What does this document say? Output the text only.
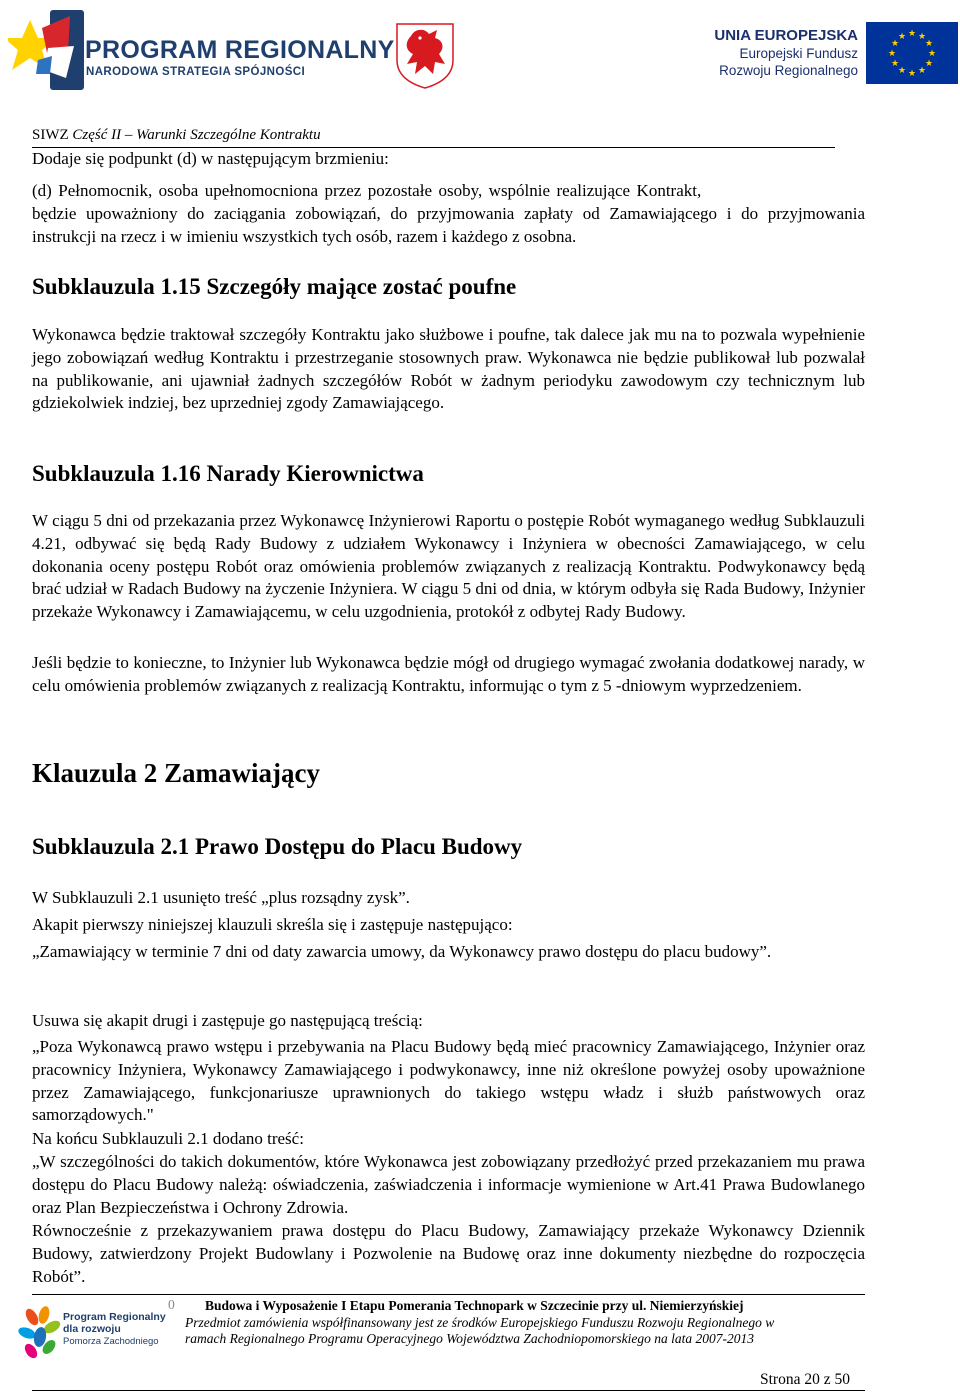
PROGRAM REGIONALNY
NARODOWA STRATEGIA SPÓJNOŚCI
UNIA EUROPEJSKA
Europejski Fundusz
Rozwoju Regionalnego
★ ★
★
★
★
★
★
★
★
★
★
★
SIWZ Część II – Warunki Szczególne Kontraktu

Dodaje się podpunkt (d) w następującym brzmieniu:

(d) Pełnomocnik, osoba upełnomocniona przez pozostałe osoby, wspólnie realizujące Kontrakt,

będzie upoważniony do zaciągania zobowiązań, do przyjmowania zapłaty od Zamawiającego i do przyjmowania instrukcji na rzecz i w imieniu wszystkich tych osób, razem i każdego z osobna.

Subklauzula 1.15 Szczegóły mające zostać poufne

Wykonawca będzie traktował szczegóły Kontraktu jako służbowe i poufne, tak dalece jak mu na to pozwala wypełnienie jego zobowiązań według Kontraktu i przestrzeganie stosownych praw. Wykonawca nie będzie publikował lub pozwalał na publikowanie, ani ujawniał żadnych szczegółów Robót w żadnym periodyku zawodowym czy technicznym lub gdziekolwiek indziej, bez uprzedniej zgody Zamawiającego.

Subklauzula 1.16 Narady Kierownictwa

W ciągu 5 dni od przekazania przez Wykonawcę Inżynierowi Raportu o postępie Robót wymaganego według Subklauzuli 4.21, odbywać się będą Rady Budowy z udziałem Wykonawcy i Inżyniera w obecności Zamawiającego, w celu dokonania oceny postępu Robót oraz omówienia problemów związanych z realizacją Kontraktu. Podwykonawcy będą brać udział w Radach Budowy na życzenie Inżyniera. W ciągu 5 dni od dnia, w którym odbyła się Rada Budowy, Inżynier przekaże Wykonawcy i Zamawiającemu, w celu uzgodnienia, protokół z odbytej Rady Budowy.

Jeśli będzie to konieczne, to Inżynier lub Wykonawca będzie mógł od drugiego wymagać zwołania dodatkowej narady, w celu omówienia problemów związanych z realizacją Kontraktu, informując o tym z 5 -dniowym wyprzedzeniem.

Klauzula 2 Zamawiający
Subklauzula 2.1 Prawo Dostępu do Placu Budowy

W Subklauzuli 2.1 usunięto treść „plus rozsądny zysk”.

Akapit pierwszy niniejszej klauzuli skreśla się i zastępuje następująco:

„Zamawiający w terminie 7 dni od daty zawarcia umowy, da Wykonawcy prawo dostępu do placu budowy”.

Usuwa się akapit drugi i zastępuje go następującą treścią:

„Poza Wykonawcą prawo wstępu i przebywania na Placu Budowy będą mieć pracownicy Zamawiającego, Inżynier oraz pracownicy Inżyniera, Wykonawcy Zamawiającego i podwykonawcy, inne niż określone powyżej osoby upoważnione przez Zamawiającego, funkcjonariusze uprawnionych do takiego wstępu władz i służb państwowych oraz samorządowych."

Na końcu Subklauzuli 2.1 dodano treść:

„W szczególności do takich dokumentów, które Wykonawca jest zobowiązany przedłożyć przed przekazaniem mu prawa dostępu do Placu Budowy należą: oświadczenia, zaświadczenia i informacje wymienione w Art.41 Prawa Budowlanego oraz Plan Bezpieczeństwa i Ochrony Zdrowia.

Równocześnie z przekazywaniem prawa dostępu do Placu Budowy, Zamawiający przekaże Wykonawcy Dziennik Budowy, zatwierdzony Projekt Budowlany i Pozwolenie na Budowę oraz inne dokumenty niezbędne do rozpoczęcia Robót”.

0 Budowa i Wyposażenie I Etapu Pomerania Technopark w Szczecinie przy ul. Niemierzyńskiej
Przedmiot zamówienia współfinansowany jest ze środków Europejskiego Funduszu Rozwoju Regionalnego w
ramach Regionalnego Programu Operacyjnego Województwa Zachodniopomorskiego na lata 2007-2013
Program Regionalny
dla rozwoju
Pomorza Zachodniego
Strona 20 z 50
